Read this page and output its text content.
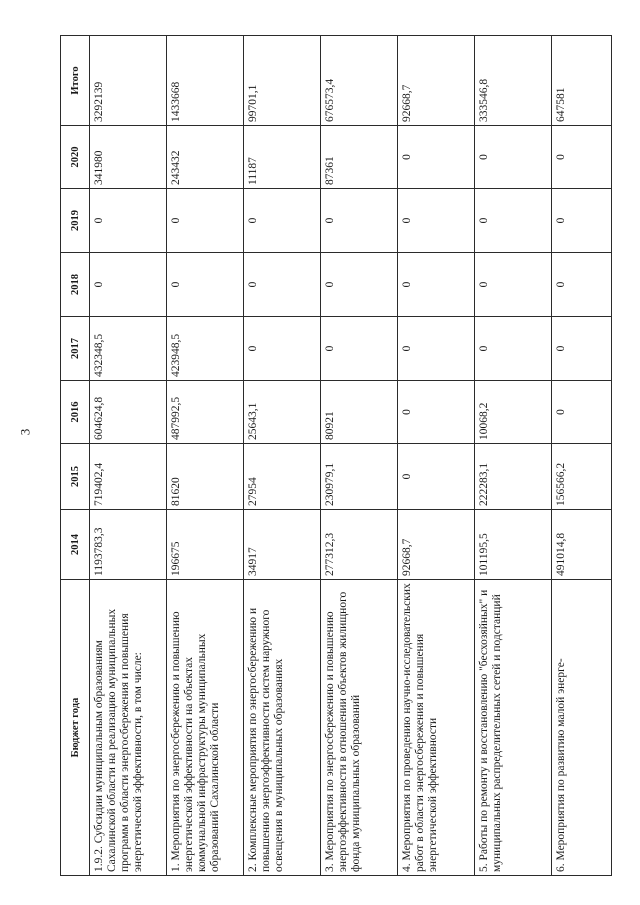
3
Бюджет года	2014	2015	2016	2017	2018	2019	2020	Итого
1.9.2. Субсидии муниципальным образованиям Сахалинской области на реализацию муниципальных программ в области энергосбережения и повышения энергетической эффективности, в том числе:	1193783,3	719402,4	604624,8	432348,5	0	0	341980	3292139
1. Мероприятия по энергосбережению и повышению энергетической эффективности на объектах коммунальной инфраструктуры муниципальных образований Сахалинской области	196675	81620	487992,5	423948,5	0	0	243432	1433668
2. Комплексные мероприятия по энергосбережению и повышению энергоэффективности систем наружного освещения в муниципальных образованиях	34917	27954	25643,1	0	0	0	11187	99701,1
3. Мероприятия по энергосбережению и повышению энергоэффективности в отношении объектов жилищного фонда муниципальных образований	277312,3	230979,1	80921	0	0	0	87361	676573,4
4. Мероприятия по проведению научно-исследовательских работ в области энергосбережения и повышения энергетической эффективности	92668,7	0	0	0	0	0	0	92668,7
5. Работы по ремонту и восстановлению "бесхозяйных" и муниципальных распределительных сетей и подстанций	101195,5	222283,1	10068,2	0	0	0	0	333546,8
6. Мероприятия по развитию малой энерге-	491014,8	156566,2	0	0	0	0	0	647581
